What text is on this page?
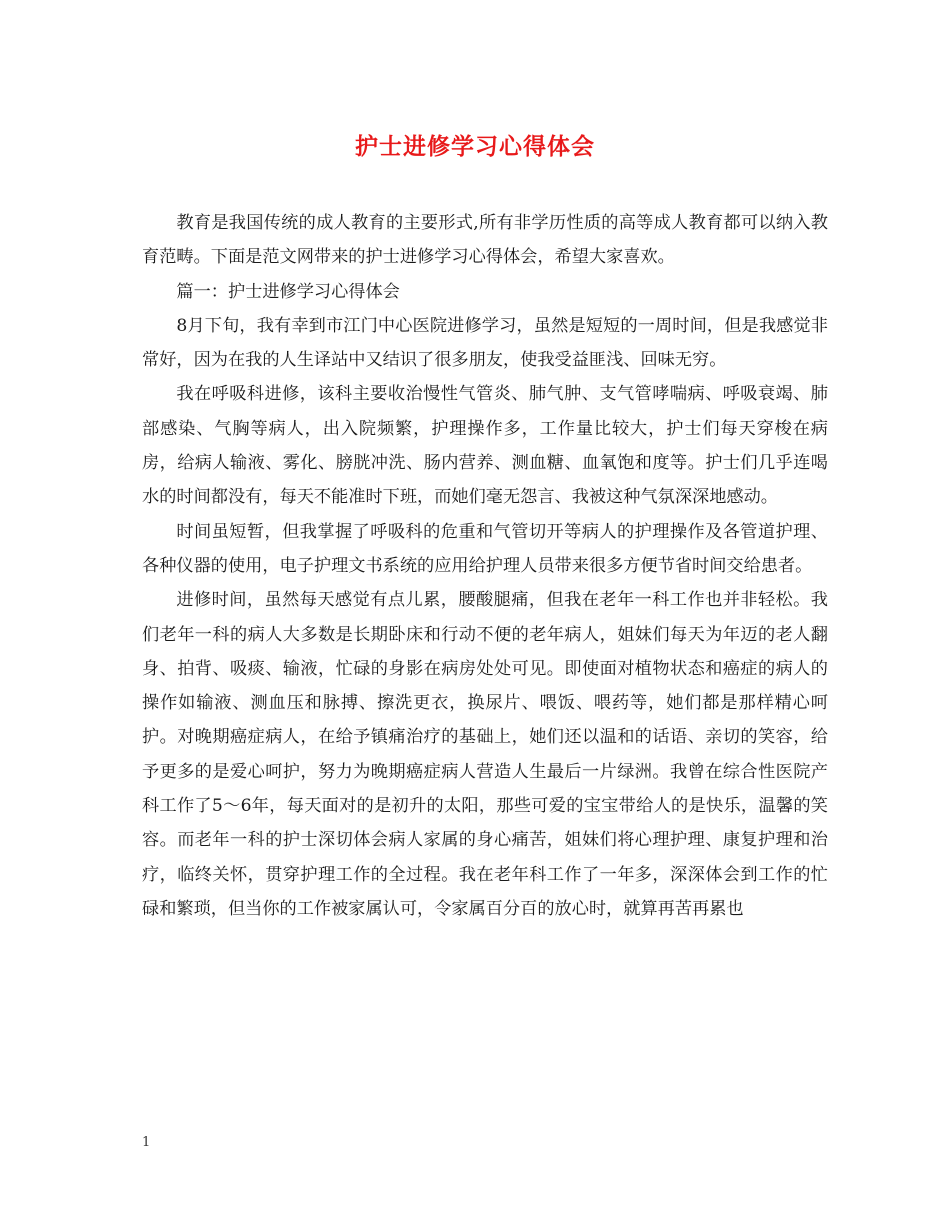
护士进修学习心得体会

教育是我国传统的成人教育的主要形式,所有非学历性质的高等成人教育都可以纳入教育范畴。下面是范文网带来的护士进修学习心得体会，希望大家喜欢。

篇一：护士进修学习心得体会

8月下旬，我有幸到市江门中心医院进修学习，虽然是短短的一周时间，但是我感觉非常好，因为在我的人生译站中又结识了很多朋友，使我受益匪浅、回味无穷。

我在呼吸科进修，该科主要收治慢性气管炎、肺气肿、支气管哮喘病、呼吸衰竭、肺部感染、气胸等病人，出入院频繁，护理操作多，工作量比较大，护士们每天穿梭在病房，给病人输液、雾化、膀胱冲洗、肠内营养、测血糖、血氧饱和度等。护士们几乎连喝水的时间都没有，每天不能准时下班，而她们毫无怨言、我被这种气氛深深地感动。

时间虽短暂，但我掌握了呼吸科的危重和气管切开等病人的护理操作及各管道护理、各种仪器的使用，电子护理文书系统的应用给护理人员带来很多方便节省时间交给患者。

进修时间，虽然每天感觉有点儿累，腰酸腿痛，但我在老年一科工作也并非轻松。我们老年一科的病人大多数是长期卧床和行动不便的老年病人，姐妹们每天为年迈的老人翻身、拍背、吸痰、输液，忙碌的身影在病房处处可见。即使面对植物状态和癌症的病人的操作如输液、测血压和脉搏、擦洗更衣，换尿片、喂饭、喂药等，她们都是那样精心呵护。对晚期癌症病人，在给予镇痛治疗的基础上，她们还以温和的话语、亲切的笑容，给予更多的是爱心呵护，努力为晚期癌症病人营造人生最后一片绿洲。我曾在综合性医院产科工作了5～6年，每天面对的是初升的太阳，那些可爱的宝宝带给人的是快乐，温馨的笑容。而老年一科的护士深切体会病人家属的身心痛苦，姐妹们将心理护理、康复护理和治疗，临终关怀，贯穿护理工作的全过程。我在老年科工作了一年多，深深体会到工作的忙碌和繁琐，但当你的工作被家属认可，令家属百分百的放心时，就算再苦再累也

1
